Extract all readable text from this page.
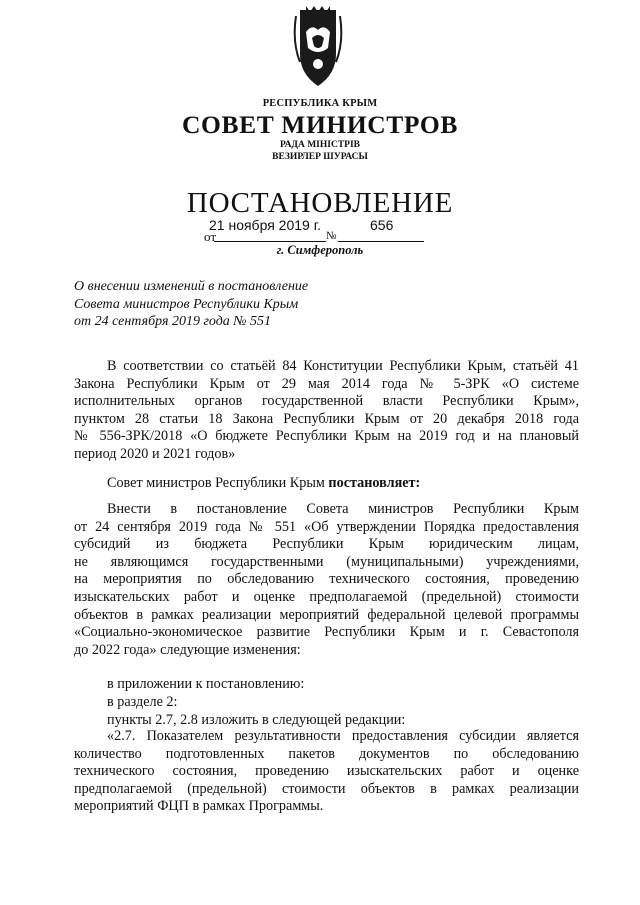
РЕСПУБЛИКА КРЫМ
СОВЕТ МИНИСТРОВ
РАДА МІНІСТРІВ
ВЕЗИРЛЕР ШУРАСЫ
ПОСТАНОВЛЕНИЕ
21 ноября 2019 г.
от	№
656
г. Симферополь
О внесении изменений в постановление
Совета министров Республики Крым
от 24 сентября 2019 года № 551
В соответствии со статьёй 84 Конституции Республики Крым, статьёй 41
Закона Республики Крым от 29 мая 2014 года № 5-ЗРК «О системе
исполнительных органов государственной власти Республики Крым»,
пунктом 28 статьи 18 Закона Республики Крым от 20 декабря 2018 года
№ 556-ЗРК/2018 «О бюджете Республики Крым на 2019 год и на плановый
период 2020 и 2021 годов»
Совет министров Республики Крым постановляет:
Внести в постановление Совета министров Республики Крым
от 24 сентября 2019 года № 551 «Об утверждении Порядка предоставления
субсидий из бюджета Республики Крым юридическим лицам,
не являющимся государственными (муниципальными) учреждениями,
на мероприятия по обследованию технического состояния, проведению
изыскательских работ и оценке предполагаемой (предельной) стоимости
объектов в рамках реализации мероприятий федеральной целевой программы
«Социально-экономическое развитие Республики Крым и г. Севастополя
до 2022 года» следующие изменения:
в приложении к постановлению:
в разделе 2:
пункты 2.7, 2.8 изложить в следующей редакции:
«2.7. Показателем результативности предоставления субсидии является
количество подготовленных пакетов документов по обследованию
технического состояния, проведению изыскательских работ и оценке
предполагаемой (предельной) стоимости объектов в рамках реализации
мероприятий ФЦП в рамках Программы.
